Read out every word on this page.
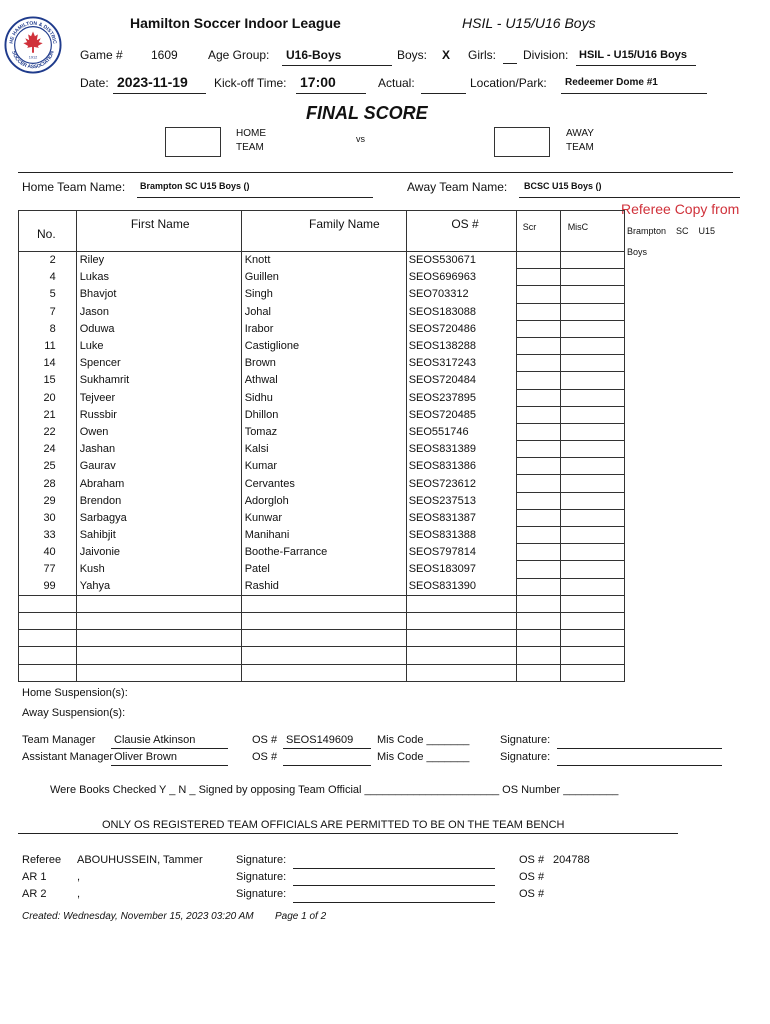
HE HAMILTON & DISTRIC
SOCCER ASSOCIATION
1912
Hamilton Soccer Indoor League	HSIL - U15/U16 Boys
Game # 1609	Age Group: U16-Boys	Boys: X Girls: Division: HSIL - U15/U16 Boys
Date: 2023-11-19 Kick-off Time: 17:00	Actual:	Location/Park: Redeemer Dome #1
FINAL SCORE
HOME
TEAM
vs	AWAY
TEAM
Home Team Name: Brampton SC U15 Boys ()	Away Team Name: BCSC U15 Boys ()
Referee Copy from
Brampton    SC    U15
Boys
No.	First Name	Family Name	OS #	Scr	MisC
2	Riley	Knott	SEOS530671		
4	Lukas	Guillen	SEOS696963		
5	Bhavjot	Singh	SEO703312		
7	Jason	Johal	SEOS183088		
8	Oduwa	Irabor	SEOS720486		
11	Luke	Castiglione	SEOS138288		
14	Spencer	Brown	SEOS317243		
15	Sukhamrit	Athwal	SEOS720484		
20	Tejveer	Sidhu	SEOS237895		
21	Russbir	Dhillon	SEOS720485		
22	Owen	Tomaz	SEO551746		
24	Jashan	Kalsi	SEOS831389		
25	Gaurav	Kumar	SEOS831386		
28	Abraham	Cervantes	SEOS723612		
29	Brendon	Adorgloh	SEOS237513		
30	Sarbagya	Kunwar	SEOS831387		
33	Sahibjit	Manihani	SEOS831388		
40	Jaivonie	Boothe-Farrance	SEOS797814		
77	Kush	Patel	SEOS183097		
99	Yahya	Rashid	SEOS831390		

Home Suspension(s):
Away Suspension(s):
Team Manager Clausie Atkinson	OS # SEOS149609 Mis Code _______	Signature:
Assistant Manager Oliver Brown	OS #	Mis Code _______	Signature:
Were Books Checked Y _ N _ Signed by opposing Team Official ______________________ OS Number _________
ONLY OS REGISTERED TEAM OFFICIALS ARE PERMITTED TO BE ON THE TEAM BENCH
Referee ABOUHUSSEIN, Tammer	Signature:	OS # 204788
AR 1	,	Signature:	OS #
AR 2	,	Signature:	OS #
Created: Wednesday, November 15, 2023 03:20 AM Page 1 of 2
